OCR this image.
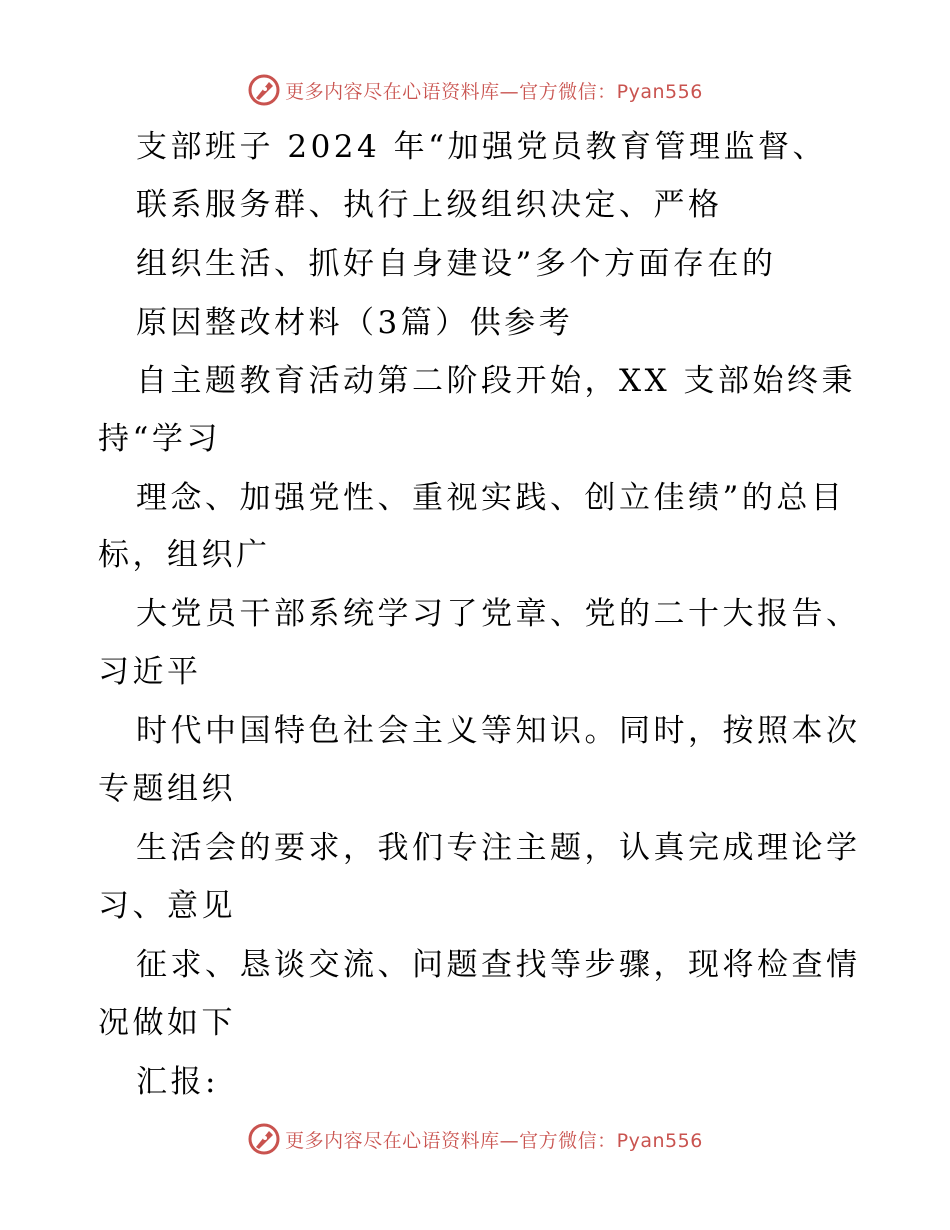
更多内容尽在心语资料库—官方微信：Pyan556
支部班子 2024 年“加强党员教育管理监督、
联系服务群、执行上级组织决定、严格
组织生活、抓好自身建设”多个方面存在的
原因整改材料（3篇）供参考
自主题教育活动第二阶段开始，XX 支部始终秉
持“学习
理念、加强党性、重视实践、创立佳绩”的总目
标，组织广
大党员干部系统学习了党章、党的二十大报告、
习近平
时代中国特色社会主义等知识。同时，按照本次
专题组织
生活会的要求，我们专注主题，认真完成理论学
习、意见
征求、恳谈交流、问题查找等步骤，现将检查情
况做如下
汇报:
更多内容尽在心语资料库—官方微信：Pyan556
